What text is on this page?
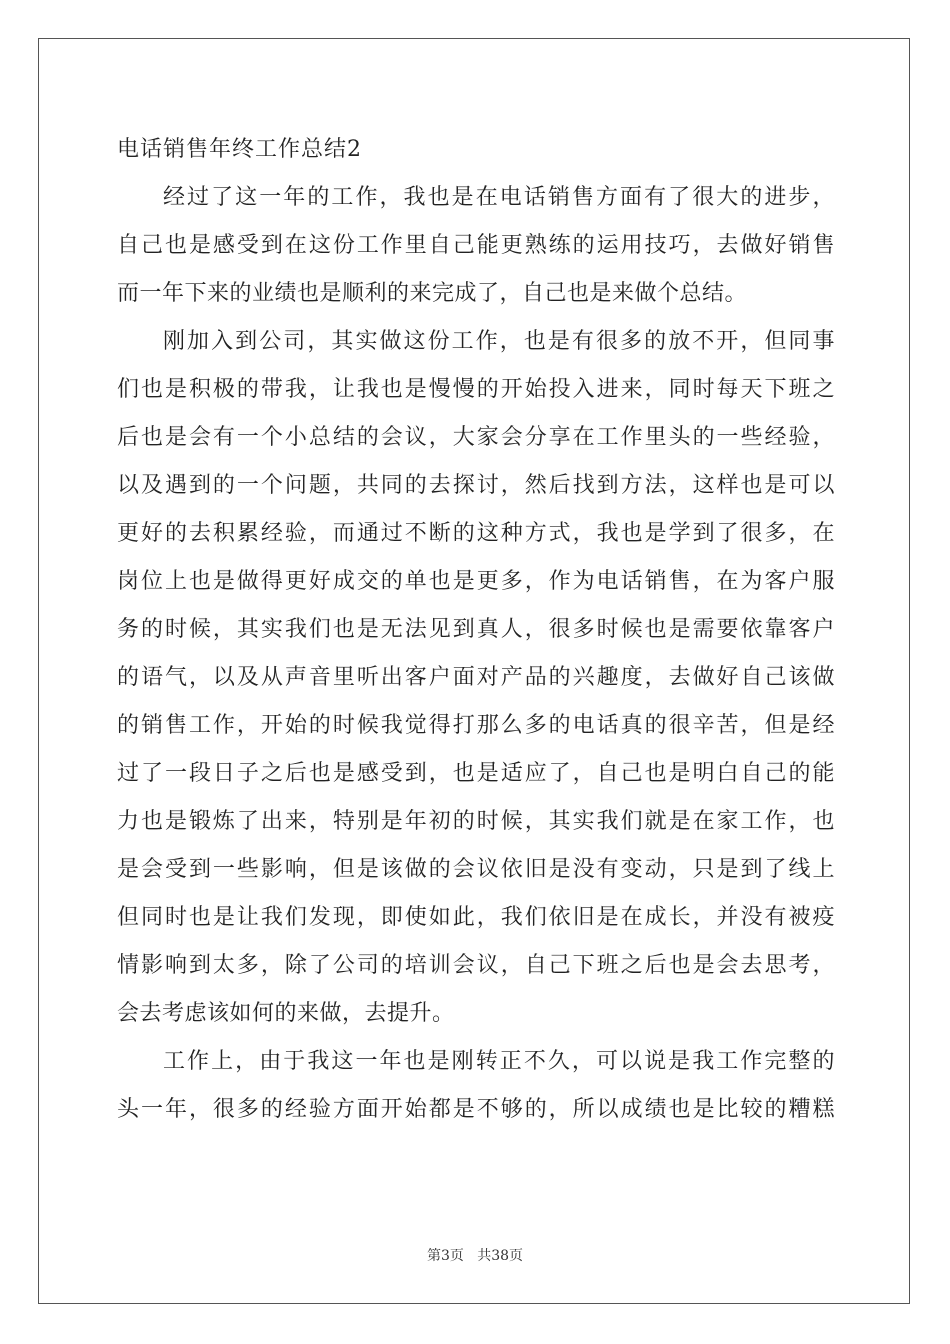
电话销售年终工作总结2
经过了这一年的工作，我也是在电话销售方面有了很大的进步，
自己也是感受到在这份工作里自己能更熟练的运用技巧，去做好销售
而一年下来的业绩也是顺利的来完成了，自己也是来做个总结。
刚加入到公司，其实做这份工作，也是有很多的放不开，但同事
们也是积极的带我，让我也是慢慢的开始投入进来，同时每天下班之
后也是会有一个小总结的会议，大家会分享在工作里头的一些经验，
以及遇到的一个问题，共同的去探讨，然后找到方法，这样也是可以
更好的去积累经验，而通过不断的这种方式，我也是学到了很多，在
岗位上也是做得更好成交的单也是更多，作为电话销售，在为客户服
务的时候，其实我们也是无法见到真人，很多时候也是需要依靠客户
的语气，以及从声音里听出客户面对产品的兴趣度，去做好自己该做
的销售工作，开始的时候我觉得打那么多的电话真的很辛苦，但是经
过了一段日子之后也是感受到，也是适应了，自己也是明白自己的能
力也是锻炼了出来，特别是年初的时候，其实我们就是在家工作，也
是会受到一些影响，但是该做的会议依旧是没有变动，只是到了线上
但同时也是让我们发现，即使如此，我们依旧是在成长，并没有被疫
情影响到太多，除了公司的培训会议，自己下班之后也是会去思考，
会去考虑该如何的来做，去提升。
工作上，由于我这一年也是刚转正不久，可以说是我工作完整的
头一年，很多的经验方面开始都是不够的，所以成绩也是比较的糟糕
第3页   共38页
